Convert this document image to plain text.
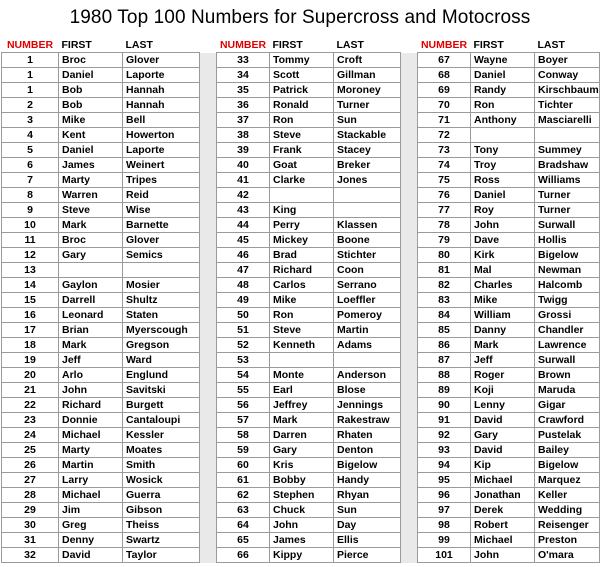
1980 Top 100 Numbers for Supercross and Motocross
NUMBER	FIRST	LAST		NUMBER	FIRST	LAST		NUMBER	FIRST	LAST
1	Broc	Glover		33	Tommy	Croft		67	Wayne	Boyer
1	Daniel	Laporte		34	Scott	Gillman		68	Daniel	Conway
1	Bob	Hannah		35	Patrick	Moroney		69	Randy	Kirschbaum
2	Bob	Hannah		36	Ronald	Turner		70	Ron	Tichter
3	Mike	Bell		37	Ron	Sun		71	Anthony	Masciarelli
4	Kent	Howerton		38	Steve	Stackable		72		
5	Daniel	Laporte		39	Frank	Stacey		73	Tony	Summey
6	James	Weinert		40	Goat	Breker		74	Troy	Bradshaw
7	Marty	Tripes		41	Clarke	Jones		75	Ross	Williams
8	Warren	Reid		42				76	Daniel	Turner
9	Steve	Wise		43	King			77	Roy	Turner
10	Mark	Barnette		44	Perry	Klassen		78	John	Surwall
11	Broc	Glover		45	Mickey	Boone		79	Dave	Hollis
12	Gary	Semics		46	Brad	Stichter		80	Kirk	Bigelow
13				47	Richard	Coon		81	Mal	Newman
14	Gaylon	Mosier		48	Carlos	Serrano		82	Charles	Halcomb
15	Darrell	Shultz		49	Mike	Loeffler		83	Mike	Twigg
16	Leonard	Staten		50	Ron	Pomeroy		84	William	Grossi
17	Brian	Myerscough		51	Steve	Martin		85	Danny	Chandler
18	Mark	Gregson		52	Kenneth	Adams		86	Mark	Lawrence
19	Jeff	Ward		53				87	Jeff	Surwall
20	Arlo	Englund		54	Monte	Anderson		88	Roger	Brown
21	John	Savitski		55	Earl	Blose		89	Koji	Maruda
22	Richard	Burgett		56	Jeffrey	Jennings		90	Lenny	Gigar
23	Donnie	Cantaloupi		57	Mark	Rakestraw		91	David	Crawford
24	Michael	Kessler		58	Darren	Rhaten		92	Gary	Pustelak
25	Marty	Moates		59	Gary	Denton		93	David	Bailey
26	Martin	Smith		60	Kris	Bigelow		94	Kip	Bigelow
27	Larry	Wosick		61	Bobby	Handy		95	Michael	Marquez
28	Michael	Guerra		62	Stephen	Rhyan		96	Jonathan	Keller
29	Jim	Gibson		63	Chuck	Sun		97	Derek	Wedding
30	Greg	Theiss		64	John	Day		98	Robert	Reisenger
31	Denny	Swartz		65	James	Ellis		99	Michael	Preston
32	David	Taylor		66	Kippy	Pierce		101	John	O'mara
